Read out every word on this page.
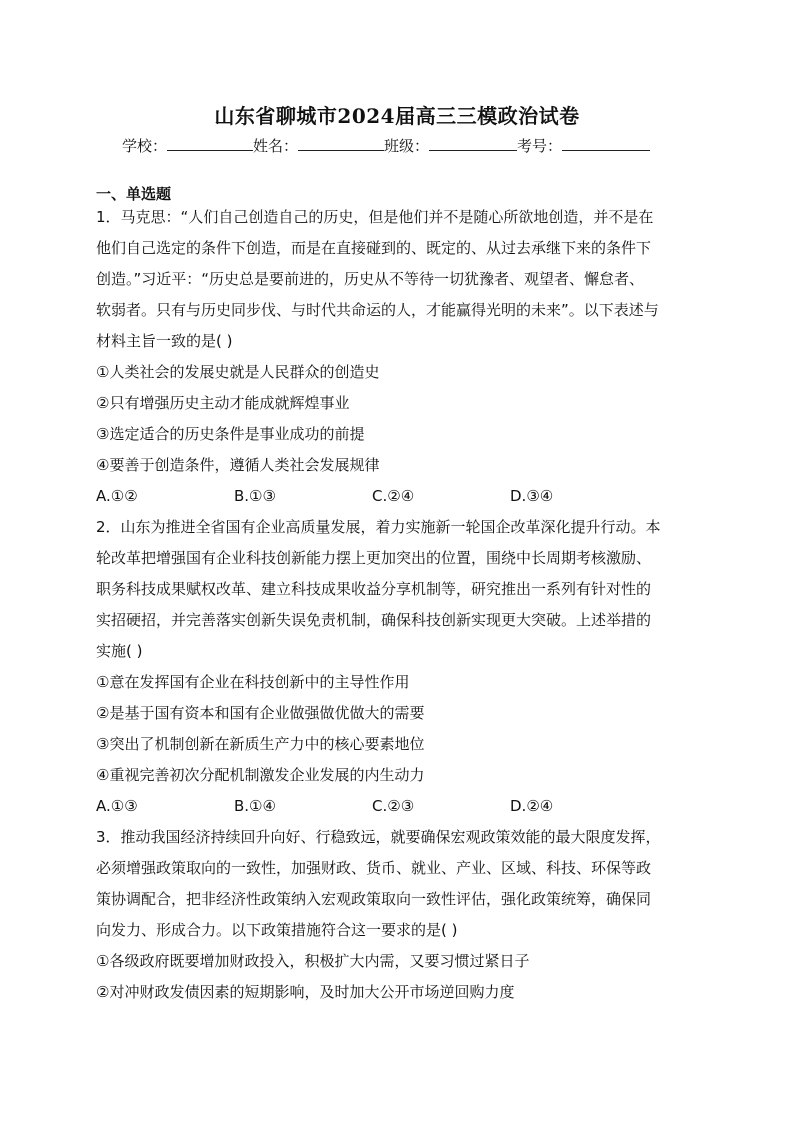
山东省聊城市2024届高三三模政治试卷
学校：	姓名：	班级：	考号：
一、单选题

1．马克思：“人们自己创造自己的历史，但是他们并不是随心所欲地创造，并不是在

他们自己选定的条件下创造，而是在直接碰到的、既定的、从过去承继下来的条件下

创造。”习近平：“历史总是要前进的，历史从不等待一切犹豫者、观望者、懈怠者、

软弱者。只有与历史同步伐、与时代共命运的人，才能赢得光明的未来”。以下表述与

材料主旨一致的是( )

①人类社会的发展史就是人民群众的创造史

②只有增强历史主动才能成就辉煌事业

③选定适合的历史条件是事业成功的前提

④要善于创造条件，遵循人类社会发展规律

A.①②	B.①③	C.②④	D.③④

2．山东为推进全省国有企业高质量发展，着力实施新一轮国企改革深化提升行动。本

轮改革把增强国有企业科技创新能力摆上更加突出的位置，围绕中长周期考核激励、

职务科技成果赋权改革、建立科技成果收益分享机制等，研究推出一系列有针对性的

实招硬招，并完善落实创新失误免责机制，确保科技创新实现更大突破。上述举措的

实施( )

①意在发挥国有企业在科技创新中的主导性作用

②是基于国有资本和国有企业做强做优做大的需要

③突出了机制创新在新质生产力中的核心要素地位

④重视完善初次分配机制激发企业发展的内生动力

A.①③	B.①④	C.②③	D.②④

3．推动我国经济持续回升向好、行稳致远，就要确保宏观政策效能的最大限度发挥，

必须增强政策取向的一致性，加强财政、货币、就业、产业、区域、科技、环保等政

策协调配合，把非经济性政策纳入宏观政策取向一致性评估，强化政策统筹，确保同

向发力、形成合力。以下政策措施符合这一要求的是( )

①各级政府既要增加财政投入，积极扩大内需，又要习惯过紧日子

②对冲财政发债因素的短期影响，及时加大公开市场逆回购力度
